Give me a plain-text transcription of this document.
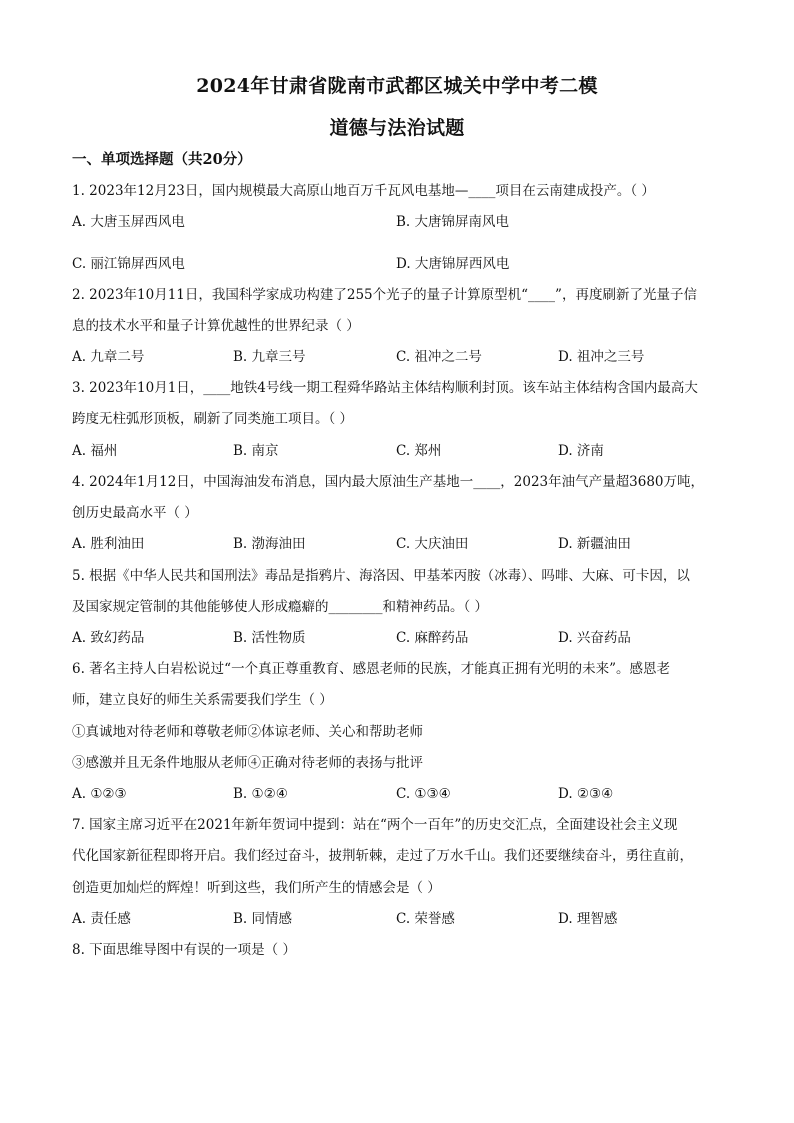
2024年甘肃省陇南市武都区城关中学中考二模
道德与法治试题
一、单项选择题（共20分）
1. 2023年12月23日，国内规模最大高原山地百万千瓦风电基地—____项目在云南建成投产。（ ）
A. 大唐玉屏西风电	B. 大唐锦屏南风电
C. 丽江锦屏西风电	D. 大唐锦屏西风电
2. 2023年10月11日，我国科学家成功构建了255个光子的量子计算原型机“____”，再度刷新了光量子信
息的技术水平和量子计算优越性的世界纪录（ ）
A. 九章二号	B. 九章三号	C. 祖冲之二号	D. 祖冲之三号
3. 2023年10月1日，____地铁4号线一期工程舜华路站主体结构顺利封顶。该车站主体结构含国内最高大
跨度无柱弧形顶板，刷新了同类施工项目。（ ）
A. 福州	B. 南京	C. 郑州	D. 济南
4. 2024年1月12日，中国海油发布消息，国内最大原油生产基地一____，2023年油气产量超3680万吨，
创历史最高水平（ ）
A. 胜利油田	B. 渤海油田	C. 大庆油田	D. 新疆油田
5. 根据《中华人民共和国刑法》毒品是指鸦片、海洛因、甲基苯丙胺（冰毒）、吗啡、大麻、可卡因，以
及国家规定管制的其他能够使人形成瘾癖的________和精神药品。（ ）
A. 致幻药品	B. 活性物质	C. 麻醉药品	D. 兴奋药品
6. 著名主持人白岩松说过“一个真正尊重教育、感恩老师的民族，才能真正拥有光明的未来”。感恩老
师，建立良好的师生关系需要我们学生（ ）
①真诚地对待老师和尊敬老师②体谅老师、关心和帮助老师
③感激并且无条件地服从老师④正确对待老师的表扬与批评
A. ①②③	B. ①②④	C. ①③④	D. ②③④
7. 国家主席习近平在2021年新年贺词中提到：站在“两个一百年”的历史交汇点，全面建设社会主义现
代化国家新征程即将开启。我们经过奋斗，披荆斩棘，走过了万水千山。我们还要继续奋斗，勇往直前，
创造更加灿烂的辉煌！听到这些，我们所产生的情感会是（ ）
A. 责任感	B. 同情感	C. 荣誉感	D. 理智感
8. 下面思维导图中有误的一项是（ ）
